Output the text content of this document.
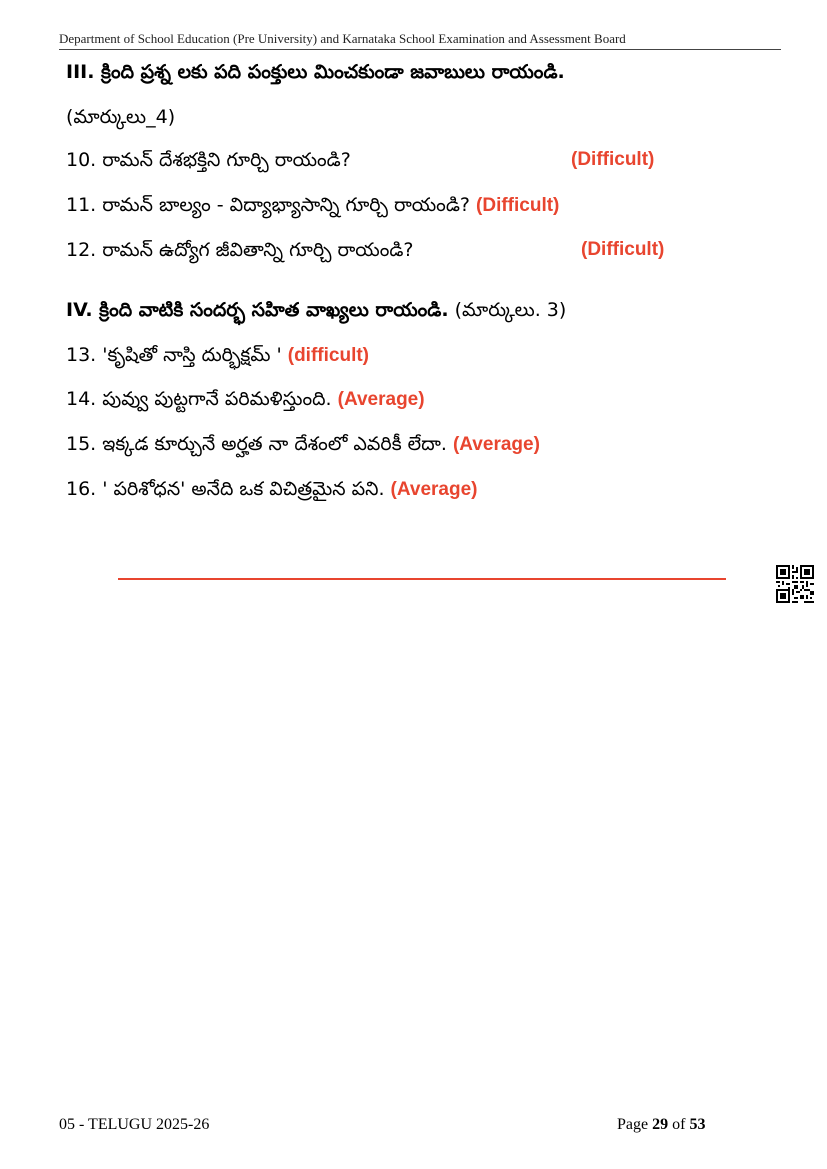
Department of School Education (Pre University) and Karnataka School Examination and Assessment Board
III. క్రింది ప్రశ్న లకు పది పంక్తులు మించకుండా జవాబులు రాయండి.
(మార్కులు_4)
10. రామన్ దేశభక్తిని గూర్చి రాయండి?	(Difficult)
11. రామన్ బాల్యం - విద్యాభ్యాసాన్ని గూర్చి రాయండి? (Difficult)
12. రామన్ ఉద్యోగ జీవితాన్ని గూర్చి రాయండి?	(Difficult)
IV. క్రింది వాటికి సందర్భ సహిత వాఖ్యలు రాయండి. (మార్కులు. 3)
13. 'కృషితో నాస్తి దుర్భిక్షమ్ ' (difficult)
14. పువ్వు పుట్టగానే పరిమళిస్తుంది. (Average)
15. ఇక్కడ కూర్చునే అర్హత నా దేశంలో ఎవరికీ లేదా. (Average)
16. ' పరిశోధన' అనేది ఒక విచిత్రమైన పని. (Average)
05 - TELUGU 2025-26	Page 29 of 53
